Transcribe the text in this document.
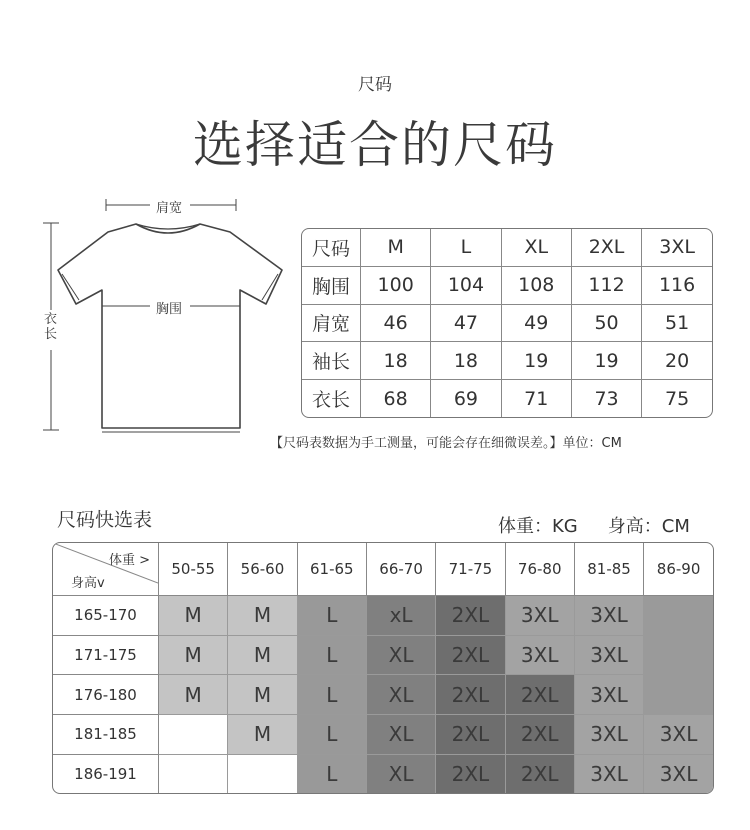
尺码
选择适合的尺码
肩宽
胸围
衣长
尺码	M	L	XL	2XL	3XL
胸围	100	104	108	112	116
肩宽	46	47	49	50	51
袖长	18	18	19	19	20
衣长	68	69	71	73	75
【尺码表数据为手工测量，可能会存在细微误差。】单位：CM
尺码快选表	体重：KG 身高：CM
体重 >
身高v	50-55	56-60	61-65	66-70	71-75	76-80	81-85	86-90
165-170	M	M	L	xL	2XL	3XL	3XL	
171-175	M	M	L	XL	2XL	3XL	3XL	
176-180	M	M	L	XL	2XL	2XL	3XL	
181-185		M	L	XL	2XL	2XL	3XL	3XL
186-191			L	XL	2XL	2XL	3XL	3XL
